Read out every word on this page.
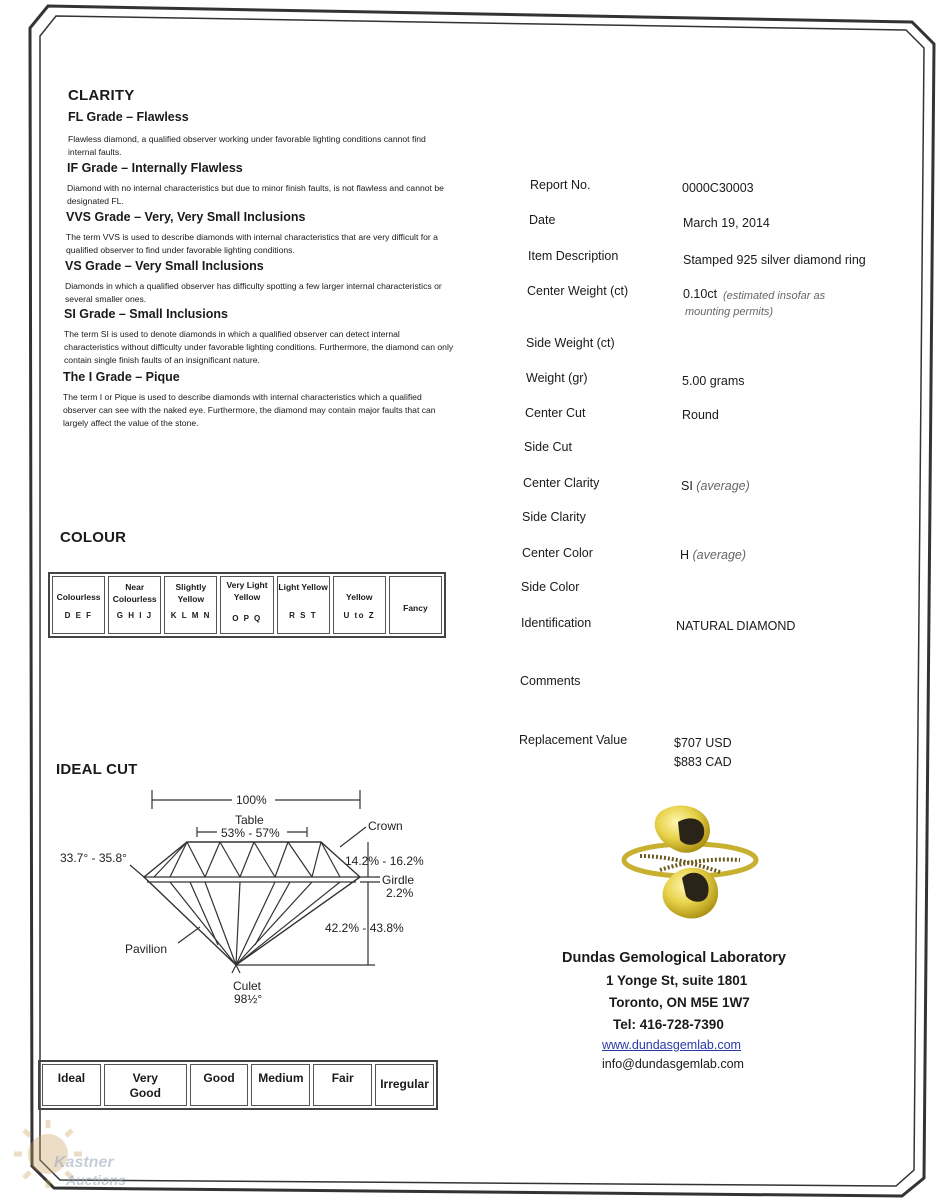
CLARITY
FL Grade – Flawless
Flawless diamond, a qualified observer working under favorable lighting conditions cannot find internal faults.
IF Grade – Internally Flawless
Diamond with no internal characteristics but due to minor finish faults, is not flawless and cannot be designated FL.
VVS Grade – Very, Very Small Inclusions
The term VVS is used to describe diamonds with internal characteristics that are very difficult for a qualified observer to find under favorable lighting conditions.
VS Grade – Very Small Inclusions
Diamonds in which a qualified observer has difficulty spotting a few larger internal characteristics or several smaller ones.
SI Grade – Small Inclusions
The term SI is used to denote diamonds in which a qualified observer can detect internal characteristics without difficulty under favorable lighting conditions. Furthermore, the diamond can only contain single finish faults of an insignificant nature.
The I Grade – Pique
The term I or Pique is used to describe diamonds with internal characteristics which a qualified observer can see with the naked eye. Furthermore, the diamond may contain major faults that can largely affect the value of the stone.
COLOUR
Colourless
D E F
Near Colourless
G H I J
Slightly Yellow
K L M N
Very Light Yellow
O P Q
Light Yellow
R S T
Yellow
U to Z
Fancy
IDEAL CUT
100%
Table
53% - 57%	Crown
33.7° - 35.8°	14.2% - 16.2%
Girdle
2.2%
42.2% - 43.8%
Pavilion
Culet
98½°
Ideal	Very Good
Good	Medium	Fair	Irregular
Report No.	0000C30003
Date	March 19, 2014
Item Description	Stamped 925 silver diamond ring
Center Weight (ct)	0.10ct (estimated insofar as mounting permits)
Side Weight (ct)
Weight (gr)	5.00 grams
Center Cut	Round
Side Cut
Center Clarity	SI (average)
Side Clarity
Center Color	H (average)
Side Color
Identification	NATURAL DIAMOND
Comments
Replacement Value	$707 USD
$883 CAD
Dundas Gemological Laboratory
1 Yonge St, suite 1801
Toronto, ON M5E 1W7
Tel: 416-728-7390
www.dundasgemlab.com
info@dundasgemlab.com
Kastner
Auctions
